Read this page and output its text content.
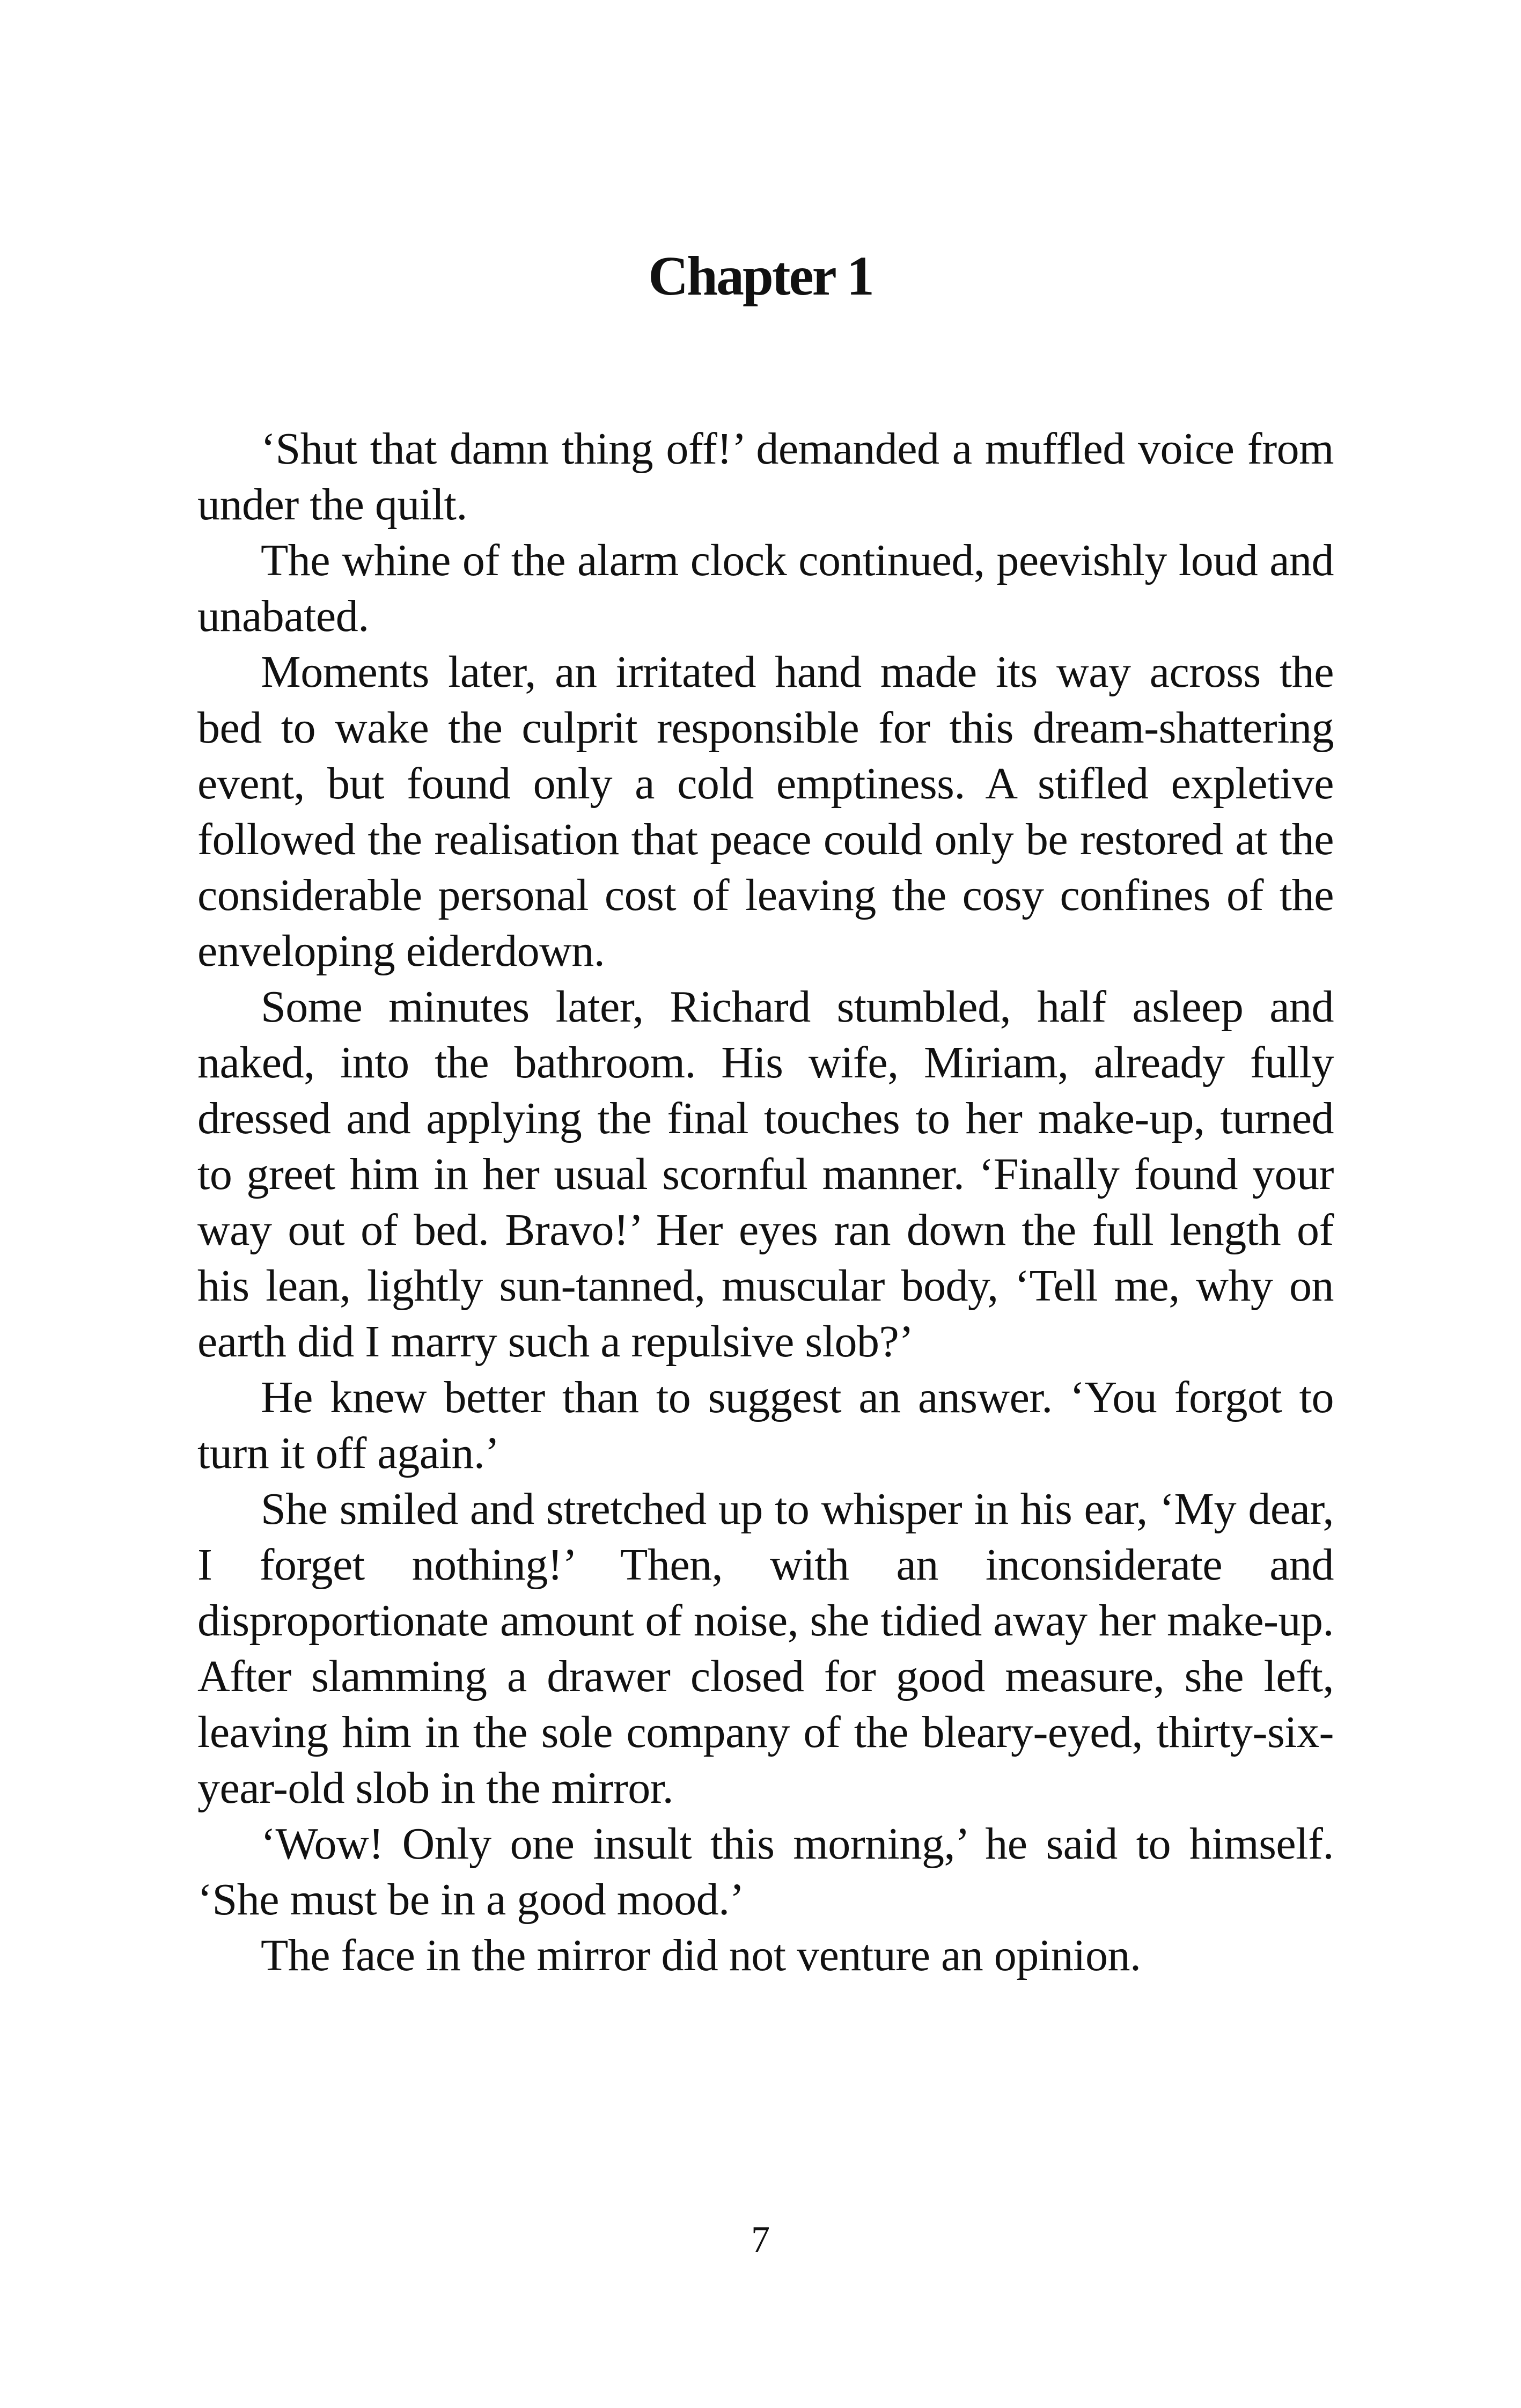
Chapter 1

‘Shut that damn thing off!’ demanded a muffled voice from under the quilt.

The whine of the alarm clock continued, peevishly loud and unabated.

Moments later, an irritated hand made its way across the bed to wake the culprit responsible for this dream-shattering event, but found only a cold emptiness. A stifled expletive followed the realisation that peace could only be restored at the considerable personal cost of leaving the cosy confines of the enveloping eiderdown.

Some minutes later, Richard stumbled, half asleep and naked, into the bathroom. His wife, Miriam, already fully dressed and applying the final touches to her make-up, turned to greet him in her usual scornful manner. ‘Finally found your way out of bed. Bravo!’ Her eyes ran down the full length of his lean, lightly sun-tanned, muscular body, ‘Tell me, why on earth did I marry such a repulsive slob?’

He knew better than to suggest an answer. ‘You forgot to turn it off again.’

She smiled and stretched up to whisper in his ear, ‘My dear, I forget nothing!’ Then, with an inconsiderate and disproportionate amount of noise, she tidied away her make-up. After slamming a drawer closed for good measure, she left, leaving him in the sole company of the bleary-eyed, thirty-six-year-old slob in the mirror.

‘Wow! Only one insult this morning,’ he said to himself. ‘She must be in a good mood.’

The face in the mirror did not venture an opinion.

7
